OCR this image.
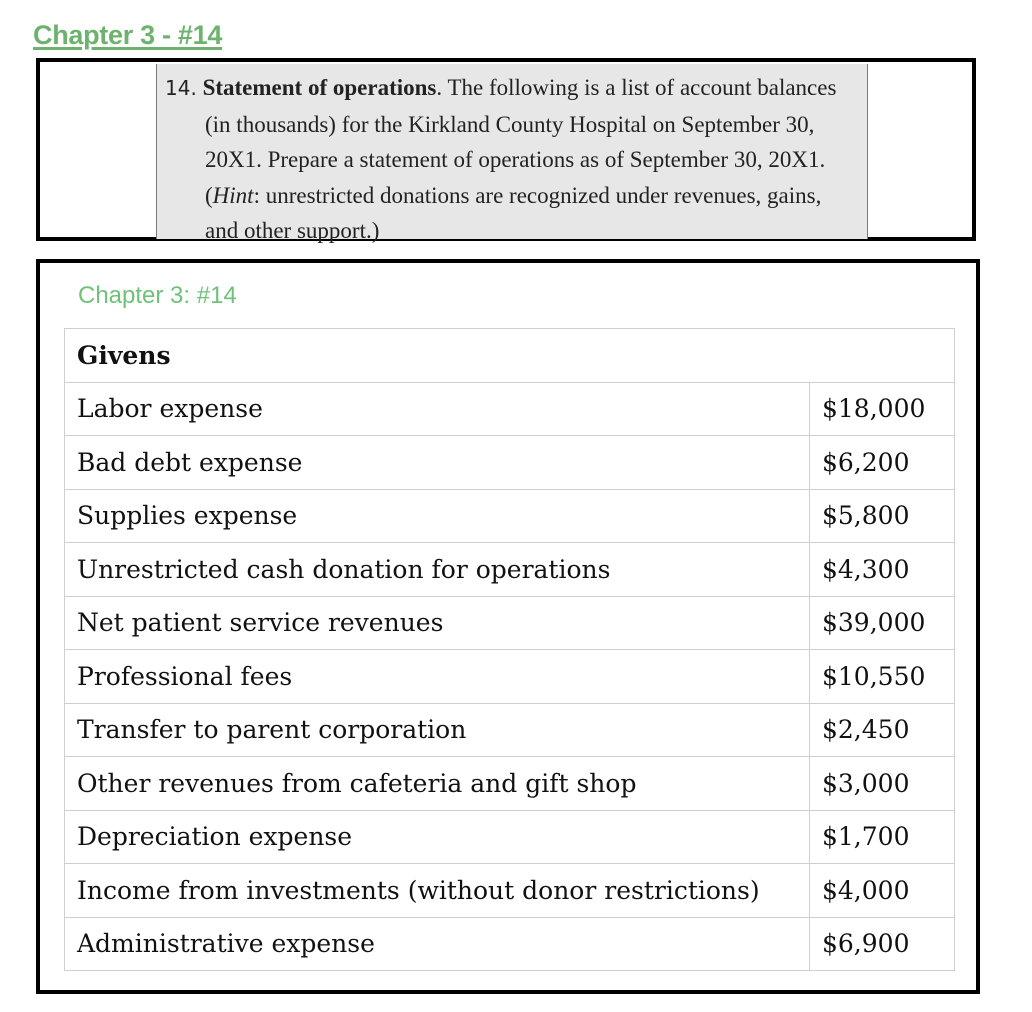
Chapter 3 - #14

14. Statement of operations. The following is a list of account balances (in thousands) for the Kirkland County Hospital on September 30, 20X1. Prepare a statement of operations as of September 30, 20X1. (Hint: unrestricted donations are recognized under revenues, gains, and other support.)

Chapter 3: #14
Givens	
Labor expense	$18,000
Bad debt expense	$6,200
Supplies expense	$5,800
Unrestricted cash donation for operations	$4,300
Net patient service revenues	$39,000
Professional fees	$10,550
Transfer to parent corporation	$2,450
Other revenues from cafeteria and gift shop	$3,000
Depreciation expense	$1,700
Income from investments (without donor restrictions)	$4,000
Administrative expense	$6,900
